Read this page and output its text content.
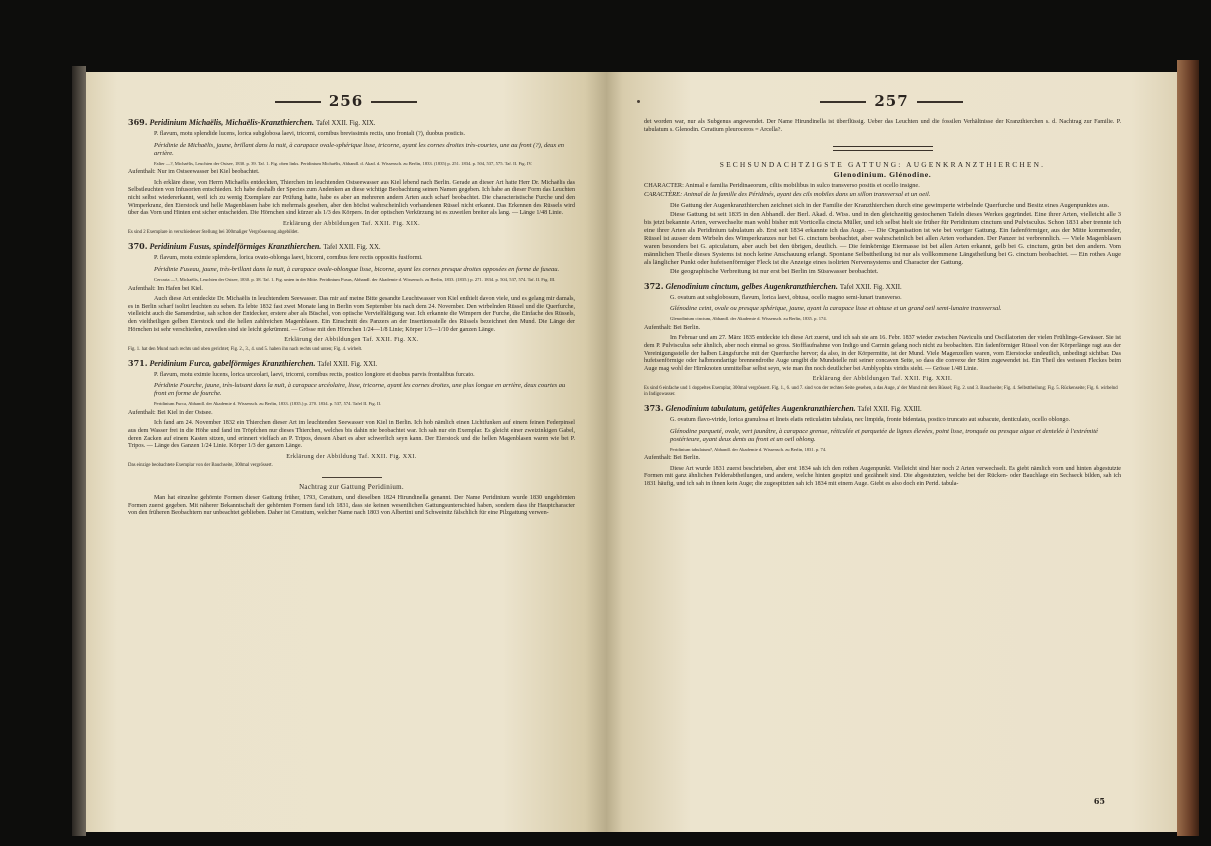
256
369. Peridinium Michaëlis, Michaëlis-Kranzthierchen. Tafel XXII. Fig. XIX.
P. flavum, motu splendide lucens, lorica subglobosa laevi, tricorni, cornibus brevissimis rectis, uno frontali (?), duobus posticis.
Péridinie de Michaëlis, jaune, brillant dans la nuit, à carapace ovale-sphérique lisse, tricorne, ayant les cornes droites très-courtes, une au front (?), deux en arrière.
Falter —?, Michaëlis, Leuchten der Ostsee, 1830. p. 39. Taf. 1. Fig. oben links. Peridinium Michaëlis, Abhandl. d. Akad. d. Wissensch. zu Berlin, 1833. (1835) p. 251. 1834. p. 504, 537, 575. Taf. II. Fig. IV.
Aufenthalt: Nur im Ostseewasser bei Kiel beobachtet.
Ich erkläre diese, von Herrn Michaëlis entdeckten, Thierchen im leuchtenden Ostseewasser aus Kiel lebend nach Berlin. Gerade an dieser Art hatte Herr Dr. Michaëlis das Selbstleuchten von Infusorien entschieden. Ich habe deshalb der Species zum Andenken an diese wichtige Beobachtung seinen Namen gegeben. Ich habe an dieser Form das Leuchten nicht selbst wiedererkannt, weil ich zu wenig Exemplare zur Prüfung hatte, habe es aber an mehreren andern Arten auch scharf beobachtet. Die characteristische Furche und den Wimperkranz, den Eierstock und helle Magenblasen habe ich mehrmals gesehen, aber den höchst wahrscheinlich vorhandenen Rüssel nicht erkannt. Das Erkennen des Rüssels wird über das Vorn und Hinten erst sicher entscheiden. Die Hörnchen sind kürzer als 1/3 des Körpers. In der optischen Verkürzung ist es zuweilen breiter als lang. — Länge 1/48 Linie.
Erklärung der Abbildungen Taf. XXII. Fig. XIX.
Es sind 2 Exemplare in verschiedener Stellung bei 300maliger Vergrösserung abgebildet.
370. Peridinium Fusus, spindelförmiges Kranzthierchen. Tafel XXII. Fig. XX.
P. flavum, motu eximie splendens, lorica ovato-oblonga laevi, bicorni, cornibus fere rectis oppositis fusiformi.
Péridinie Fuseau, jaune, très-brillant dans la nuit, à carapace ovale-oblongue lisse, bicorne, ayant les cornes presque droites opposées en forme de fuseau.
Cercaria —?, Michaëlis, Leuchten der Ostsee, 1830. p. 38. Taf. 1. Fig. unten in der Mitte. Peridinium Fusus, Abhandl. der Akademie d. Wissensch. zu Berlin, 1833. (1835.) p. 271. 1834. p. 504, 537, 574. Taf. II. Fig. III.
Aufenthalt: Im Hafen bei Kiel.
Auch diese Art entdeckte Dr. Michaëlis in leuchtendem Seewasser. Das mir auf meine Bitte gesandte Leuchtwasser von Kiel enthielt davon viele, und es gelang mir damals, es in Berlin scharf isolirt leuchten zu sehen. Es lebte 1832 fast zwei Monate lang in Berlin vom September bis nach dem 24. November. Den wirbelnden Rüssel und die Querfurche, vielleicht auch die Samendrüse, sah schon der Entdecker, erstere aber als Büschel, von optische Vervielfältigung war. Ich erkannte die Wimpern der Furche, die Einfache des Rüssels, den vieltheiligen gelben Eierstock und die hellen zahlreichen Magenblasen. Ein Einschnitt des Panzers an der Insertionsstelle des Rüssels bezeichnet den Mund. Die Länge der Hörnchen ist sehr verschieden, zuweilen sind sie leicht gekrümmt. — Grösse mit den Hörnchen 1/24—1/8 Linie; Körper 1/3—1/10 der ganzen Länge.
Erklärung der Abbildungen Taf. XXII. Fig. XX.
Fig. 1. hat den Mund nach rechts und oben gerichtet; Fig. 2., 3., 4. und 5. haben ihn nach rechts und unten; Fig. 4. wirbelt.
371. Peridinium Furca, gabelförmiges Kranzthierchen. Tafel XXII. Fig. XXI.
P. flavum, motu eximie lucens, lorica urceolari, laevi, tricorni, cornibus rectis, postico longiore et duobus parvis frontalibus furcato.
Péridinie Fourche, jaune, très-luisant dans la nuit, à carapace urcéolaire, lisse, tricorne, ayant les cornes droites, une plus longue en arrière, deux courtes au front en forme de fourche.
Peridinium Furca, Abhandl. der Akademie d. Wissensch. zu Berlin, 1833. (1835.) p. 270. 1834. p. 537, 574. Tafel II. Fig. II.
Aufenthalt: Bei Kiel in der Ostsee.
Ich fand am 24. November 1832 ein Thierchen dieser Art im leuchtenden Seewasser von Kiel in Berlin. Ich hob nämlich einen Lichtfunken auf einem feinen Federpinsel aus dem Wasser frei in die Höhe und fand im Tröpfchen nur dieses Thierchen, welches bis dahin nie beobachtet war. Ich sah nur ein Exemplar. Es gleicht einer zweizinkigen Gabel, deren Zacken auf einem Kasten sitzen, und erinnert vielfach an P. Tripos, dessen Abart es aber schwerlich seyn kann. Der Eierstock und die hellen Magenblasen waren wie bei P. Tripos. — Länge des Ganzen 1/24 Linie. Körper 1/3 der ganzen Länge.
Erklärung der Abbildung Taf. XXII. Fig. XXI.
Das einzige beobachtete Exemplar von der Bauchseite, 300mal vergrössert.
Nachtrag zur Gattung Peridinium.
Man hat einzelne gehörnte Formen dieser Gattung früher, 1793, Ceratium, und dieselben 1824 Hirundinella genannt. Der Name Peridinium wurde 1830 ungehörnten Formen zuerst gegeben. Mit näherer Bekanntschaft der gehörnten Formen fand ich 1831, dass sie keinen wesentlichen Gattungsunterschied haben, sondern dass ihr Hauptcharacter von den früheren Beobachtern nur unbeachtet geblieben. Daher ist Ceratium, welcher Name nach 1803 von Albertini und Schweinitz fälschlich für eine Pilzgattung verwen-
257
det worden war, nur als Subgenus angewendet. Der Name Hirundinella ist überflüssig. Ueber das Leuchten und die fossilen Verhältnisse der Kranzthierchen s. d. Nachtrag zur Familie. P. tabulatum s. Glenodin. Ceratium pleuroceros = Arcella?.
SECHSUNDACHTZIGSTE GATTUNG: AUGENKRANZTHIERCHEN.
Glenodinium. Glénodine.
CHARACTER: Animal e familia Peridinaeorum, ciliis mobilibus in sulco transverso positis et ocello insigne.
CARACTÈRE: Animal de la famille des Péridinés, ayant des cils mobiles dans un sillon transversal et un oeil.
Die Gattung der Augenkranzthierchen zeichnet sich in der Familie der Kranzthierchen durch eine gewimperte wirbelnde Querfurche und Besitz eines Augenpunktes aus.
Diese Gattung ist seit 1835 in den Abhandl. der Berl. Akad. d. Wiss. und in den gleichzeitig gestochenen Tafeln dieses Werkes gegründet. Eine ihrer Arten, vielleicht alle 3 bis jetzt bekannte Arten, verwechselte man wohl bisher mit Vorticella cincta Müller, und ich selbst hielt sie früher für Peridinium cinctum und Pulvisculus. Schon 1831 aber trennte ich eine ihrer Arten als Peridinium tabulatum ab. Erst seit 1834 erkannte ich das Auge. — Die Organisation ist wie bei voriger Gattung. Ein fadenförmiger, aus der Mitte kommender, Rüssel ist ausser dem Wirbeln des Wimperkranzes nur bei G. cinctum beobachtet, aber wahrscheinlich bei allen Arten vorhanden. Der Panzer ist verbrennlich. — Viele Magenblasen waren besonders bei G. apiculatum, aber auch bei den übrigen, deutlich. — Die feinkörnige Eiermasse ist bei allen Arten erkannt, gelb bei G. cinctum, grün bei den andern. Vom männlichen Theile dieses Systems ist noch keine Anschauung erlangt. Spontane Selbsttheilung ist nur als vollkommene Längstheilung bei G. cinctum beobachtet. — Ein rothes Auge als länglicher Punkt oder hufeisenförmiger Fleck ist die Anzeige eines isolirten Nervensystems und Character der Gattung.
Die geographische Verbreitung ist nur erst bei Berlin im Süsswasser beobachtet.
372. Glenodinium cinctum, gelbes Augenkranzthierchen. Tafel XXII. Fig. XXII.
G. ovatum aut subglobosum, flavum, lorica laevi, obtusa, ocello magno semi-lunari transverso.
Glénodine ceint, ovale ou presque sphérique, jaune, ayant la carapace lisse et obtuse et un grand oeil semi-lunaire transversal.
Glenodinium cinctum, Abhandl. der Akademie d. Wissensch. zu Berlin, 1835. p. 174.
Aufenthalt: Bei Berlin.
Im Februar und am 27. März 1835 entdeckte ich diese Art zuerst, und ich sah sie am 16. Febr. 1837 wieder zwischen Naviculis und Oscillatorien der vielen Frühlings-Gewässer. Sie ist dem P. Pulvisculus sehr ähnlich, aber noch einmal so gross. Stofffaufnahme von Indigo und Carmin gelang noch nicht zu beobachten. Ein fadenförmiger Rüssel von der Körperlänge ragt aus der Vereinigungsstelle der halben Längsfurche mit der Querfurche hervor; da also, in der Körpermitte, ist der Mund. Viele Magenzellen waren, vom Eierstocke undeutlich, unbedingt sichtbar. Das hufeisenförmige oder halbmondartige brennendrothe Auge umgibt die Mundstelle mit seiner concaven Seite, so dass die convexe der Stirn zugewendet ist. Ein Theil des weissen Fleckes beim Auge mag wohl der Hirnknoten unmittelbar selbst seyn, wie man ihn noch deutlicher bei Amblyophis viridis sieht. — Grösse 1/48 Linie.
Erklärung der Abbildungen Taf. XXII. Fig. XXII.
Es sind 6 einfache und 1 doppeltes Exemplar, 300mal vergrössert. Fig. 1., 6. und 7. sind von der rechten Seite gesehen, a das Auge, a' der Mund mit dem Rüssel; Fig. 2. und 3. Bauchseite; Fig. 4. Selbsttheilung; Fig. 5. Rückenseite; Fig. 6. wirbelnd in Indigowasser.
373. Glenodinium tabulatum, getäfeltes Augenkranzthierchen. Tafel XXII. Fig. XXIII.
G. ovatum flavo-viride, lorica granulosa et lineis elatis reticulatim tabulata, nec limpida, fronte bidentata, postico truncato aut subacute, denticulato, ocello oblongo.
Glénodine parqueté, ovale, vert jaunâtre, à carapace grenue, réticulée et parquetée de lignes élevées, point lisse, tronquée ou presque aigue et dentelée à l'extrémité postérieure, ayant deux dents au front et un oeil oblong.
Peridinium tabulatum?, Abhandl. der Akademie d. Wissensch. zu Berlin, 1831. p. 74.
Aufenthalt: Bei Berlin.
Diese Art wurde 1831 zuerst beschrieben, aber erst 1834 sah ich den rothen Augenpunkt. Vielleicht sind hier noch 2 Arten verwechselt. Es giebt nämlich vorn und hinten abgestutzte Formen mit ganz ähnlichen Felderabtheilungen, und andere, welche hinten gespitzt und gezähnelt sind. Die abgestutzten, welche bei der Rücken- oder Bauchlage ein Sechseck bilden, sah ich 1831 häufig, und ich sah in ihnen kein Auge; die zugespitzten sah ich 1834 mit einem Auge. Giebt es also doch ein Perid. tabula-
65
